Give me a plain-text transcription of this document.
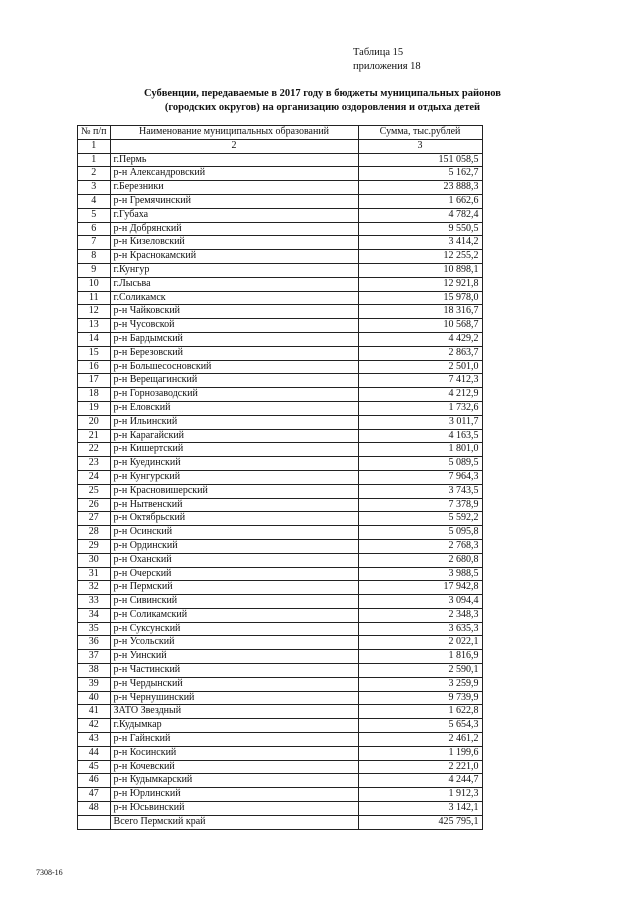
Таблица 15
приложения 18
Субвенции, передаваемые в 2017 году в бюджеты муниципальных районов
(городских округов) на организацию оздоровления и отдыха детей
№ п/п	Наименование муниципальных образований	Сумма, тыс.рублей
1	2	3
1	г.Пермь	151 058,5
2	р-н Александровский	5 162,7
3	г.Березники	23 888,3
4	р-н Гремячинский	1 662,6
5	г.Губаха	4 782,4
6	р-н Добрянский	9 550,5
7	р-н Кизеловский	3 414,2
8	р-н Краснокамский	12 255,2
9	г.Кунгур	10 898,1
10	г.Лысьва	12 921,8
11	г.Соликамск	15 978,0
12	р-н Чайковский	18 316,7
13	р-н Чусовской	10 568,7
14	р-н Бардымский	4 429,2
15	р-н Березовский	2 863,7
16	р-н Большесосновский	2 501,0
17	р-н Верещагинский	7 412,3
18	р-н Горнозаводский	4 212,9
19	р-н Еловский	1 732,6
20	р-н Ильинский	3 011,7
21	р-н Карагайский	4 163,5
22	р-н Кишертский	1 801,0
23	р-н Куединский	5 089,5
24	р-н Кунгурский	7 964,3
25	р-н Красновишерский	3 743,5
26	р-н Нытвенский	7 378,9
27	р-н Октябрьский	5 592,2
28	р-н Осинский	5 095,8
29	р-н Ординский	2 768,3
30	р-н Оханский	2 680,8
31	р-н Очерский	3 988,5
32	р-н Пермский	17 942,8
33	р-н Сивинский	3 094,4
34	р-н Соликамский	2 348,3
35	р-н Суксунский	3 635,3
36	р-н Усольский	2 022,1
37	р-н Уинский	1 816,9
38	р-н Частинский	2 590,1
39	р-н Чердынский	3 259,9
40	р-н Чернушинский	9 739,9
41	ЗАТО Звездный	1 622,8
42	г.Кудымкар	5 654,3
43	р-н Гайнский	2 461,2
44	р-н Косинский	1 199,6
45	р-н Кочевский	2 221,0
46	р-н Кудымкарский	4 244,7
47	р-н Юрлинский	1 912,3
48	р-н Юсьвинский	3 142,1
	Всего Пермский край	425 795,1
7308-16
